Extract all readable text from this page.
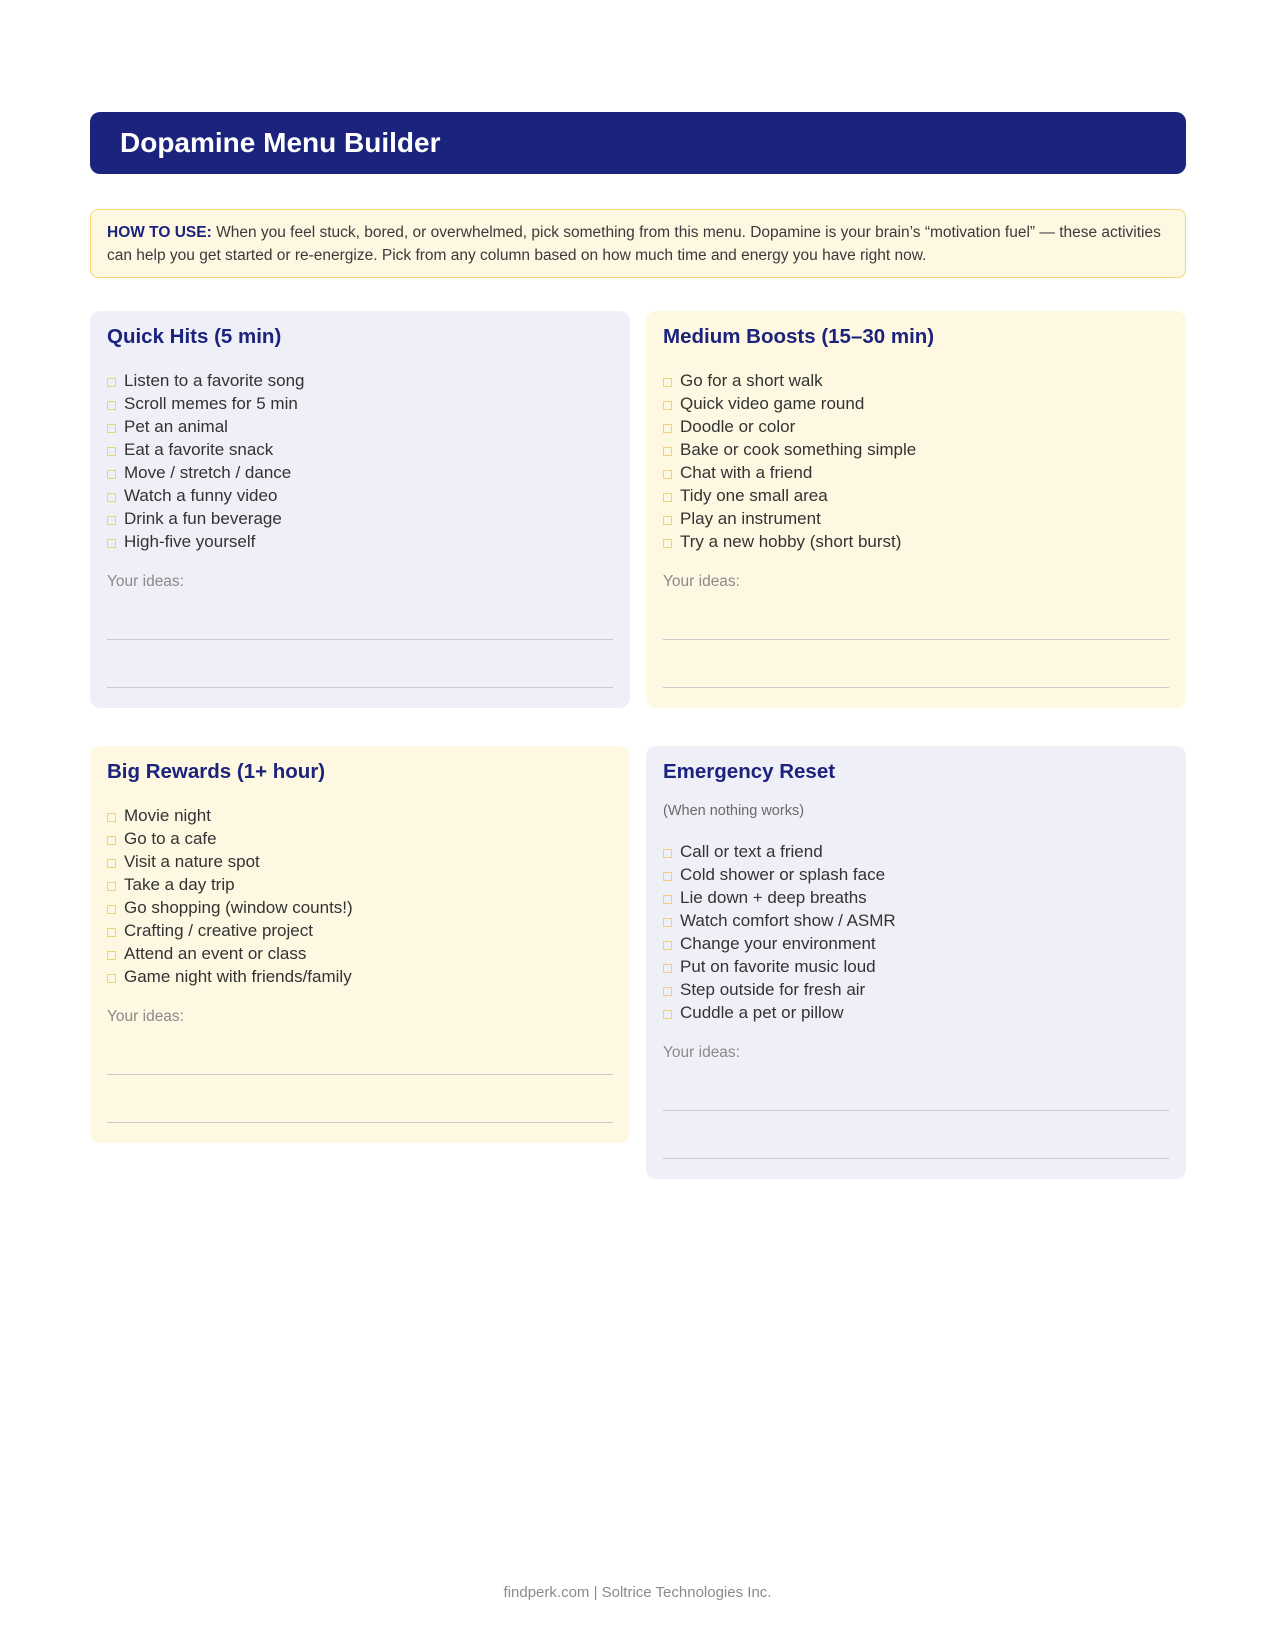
Dopamine Menu Builder
HOW TO USE: When you feel stuck, bored, or overwhelmed, pick something from this menu. Dopamine is your brain’s “motivation fuel” — these activities can help you get started or re-energize. Pick from any column based on how much time and energy you have right now.
Quick Hits (5 min)
Listen to a favorite song
Scroll memes for 5 min
Pet an animal
Eat a favorite snack
Move / stretch / dance
Watch a funny video
Drink a fun beverage
High-five yourself
Your ideas:
Medium Boosts (15–30 min)
Go for a short walk
Quick video game round
Doodle or color
Bake or cook something simple
Chat with a friend
Tidy one small area
Play an instrument
Try a new hobby (short burst)
Your ideas:
Big Rewards (1+ hour)
Movie night
Go to a cafe
Visit a nature spot
Take a day trip
Go shopping (window counts!)
Crafting / creative project
Attend an event or class
Game night with friends/family
Your ideas:
Emergency Reset
(When nothing works)
Call or text a friend
Cold shower or splash face
Lie down + deep breaths
Watch comfort show / ASMR
Change your environment
Put on favorite music loud
Step outside for fresh air
Cuddle a pet or pillow
Your ideas:
findperk.com | Soltrice Technologies Inc.
